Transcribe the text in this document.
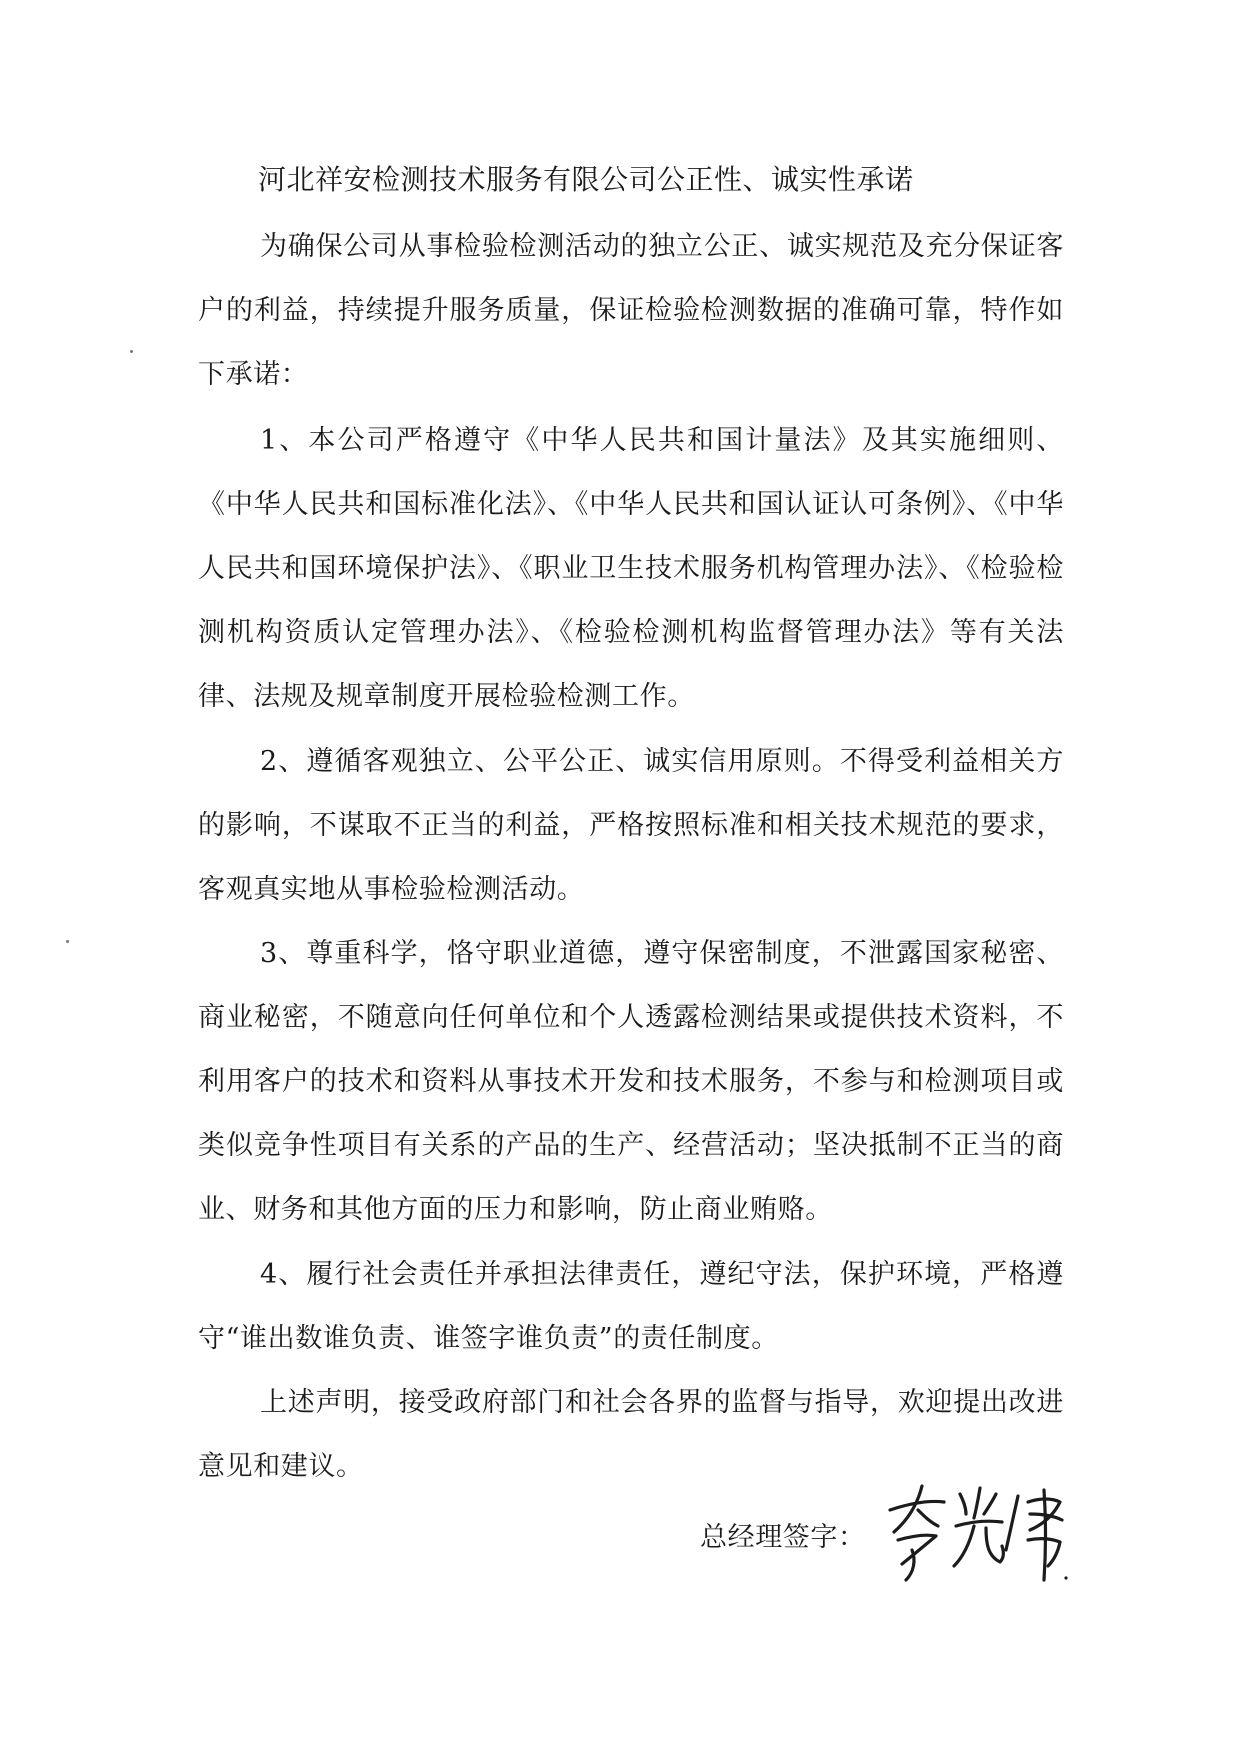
河北祥安检测技术服务有限公司公正性、诚实性承诺

为确保公司从事检验检测活动的独立公正、诚实规范及充分保证客户的利益，持续提升服务质量，保证检验检测数据的准确可靠，特作如下承诺：

1、本公司严格遵守《中华人民共和国计量法》及其实施细则、《中华人民共和国标准化法》、《中华人民共和国认证认可条例》、《中华人民共和国环境保护法》、《职业卫生技术服务机构管理办法》、《检验检测机构资质认定管理办法》、《检验检测机构监督管理办法》等有关法律、法规及规章制度开展检验检测工作。

2、遵循客观独立、公平公正、诚实信用原则。不得受利益相关方的影响，不谋取不正当的利益，严格按照标准和相关技术规范的要求，客观真实地从事检验检测活动。

3、尊重科学，恪守职业道德，遵守保密制度，不泄露国家秘密、商业秘密，不随意向任何单位和个人透露检测结果或提供技术资料，不利用客户的技术和资料从事技术开发和技术服务，不参与和检测项目或类似竞争性项目有关系的产品的生产、经营活动；坚决抵制不正当的商业、财务和其他方面的压力和影响，防止商业贿赂。

4、履行社会责任并承担法律责任，遵纪守法，保护环境，严格遵守“谁出数谁负责、谁签字谁负责”的责任制度。

上述声明，接受政府部门和社会各界的监督与指导，欢迎提出改进意见和建议。

总经理签字：
